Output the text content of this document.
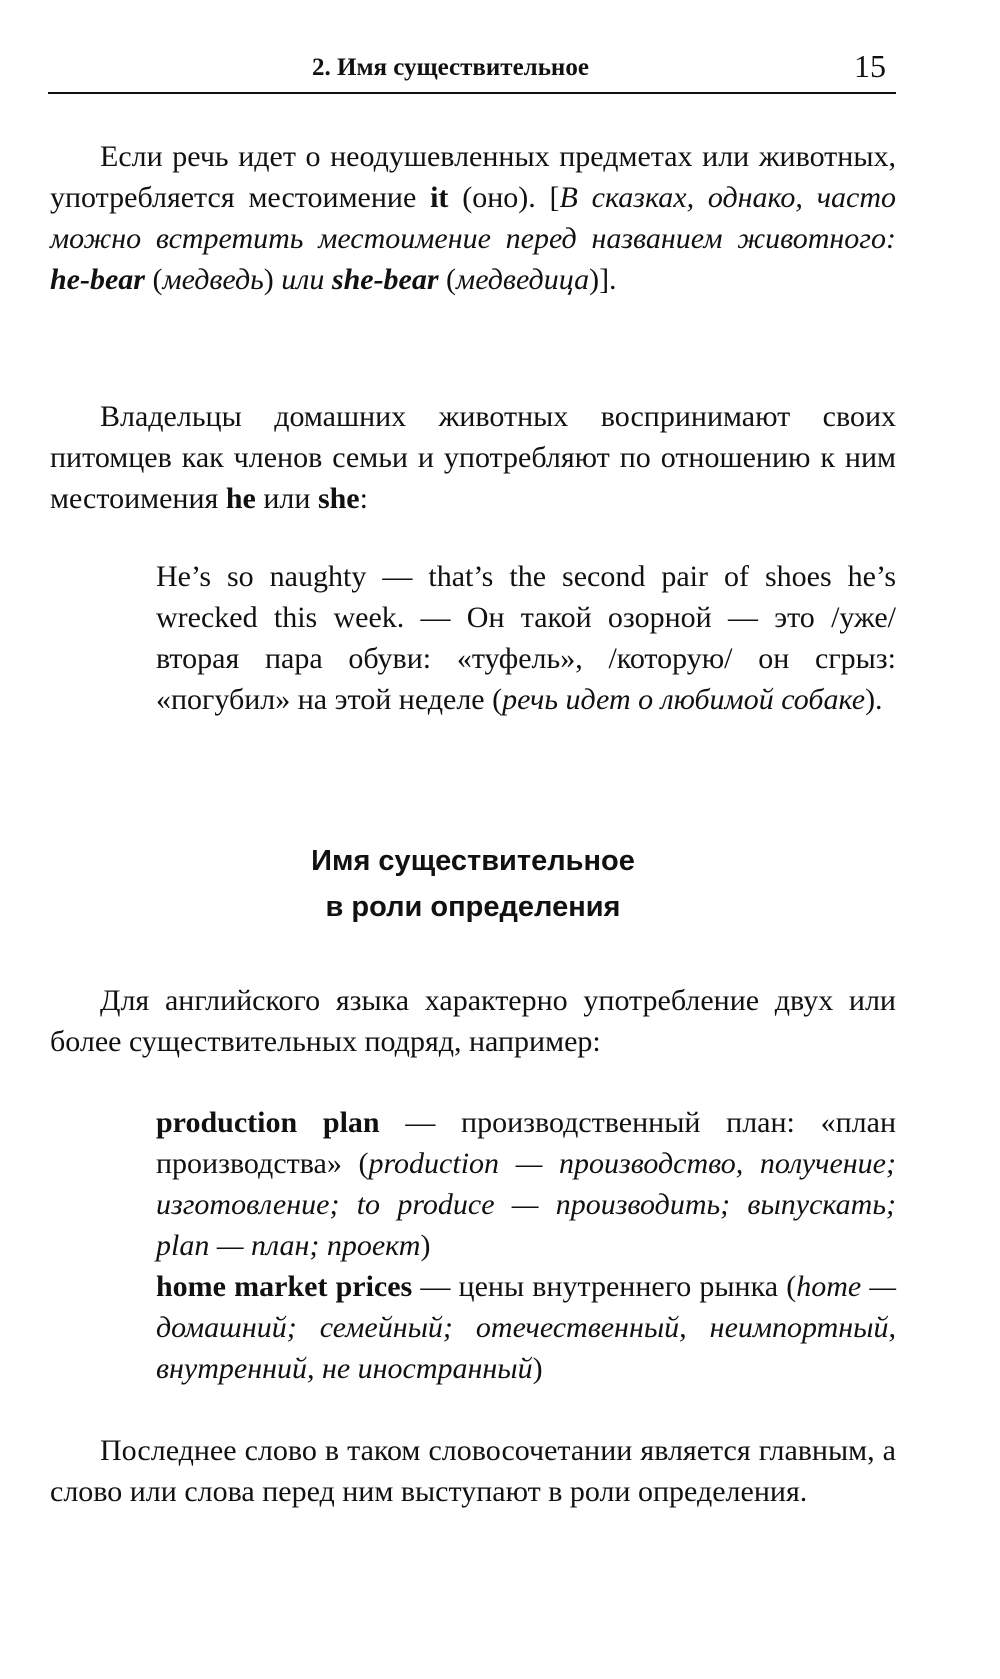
2. Имя существительное	15

Если речь идет о неодушевленных предметах или животных, употребляется местоимение it (оно). [В сказках, однако, часто можно встретить местоимение перед названием животного: he-bear (медведь) или she-bear (медведица)].

Владельцы домашних животных воспринимают своих питомцев как членов семьи и употребляют по отношению к ним местоимения he или she:

He’s so naughty — that’s the second pair of shoes he’s wrecked this week. — Он такой озорной — это /уже/ вторая пара обуви: «туфель», /которую/ он сгрыз: «погубил» на этой неделе (речь идет о любимой собаке).

Имя существительное
в роли определения

Для английского языка характерно употребление двух или более существительных подряд, например:

production plan — производственный план: «план производства» (production — производство, получение; изготовление; to produce — производить; выпускать; plan — план; проект)
home market prices — цены внутреннего рынка (home — домашний; семейный; отечественный, неимпортный, внутренний, не иностранный)

Последнее слово в таком словосочетании является главным, а слово или слова перед ним выступают в роли определения.
